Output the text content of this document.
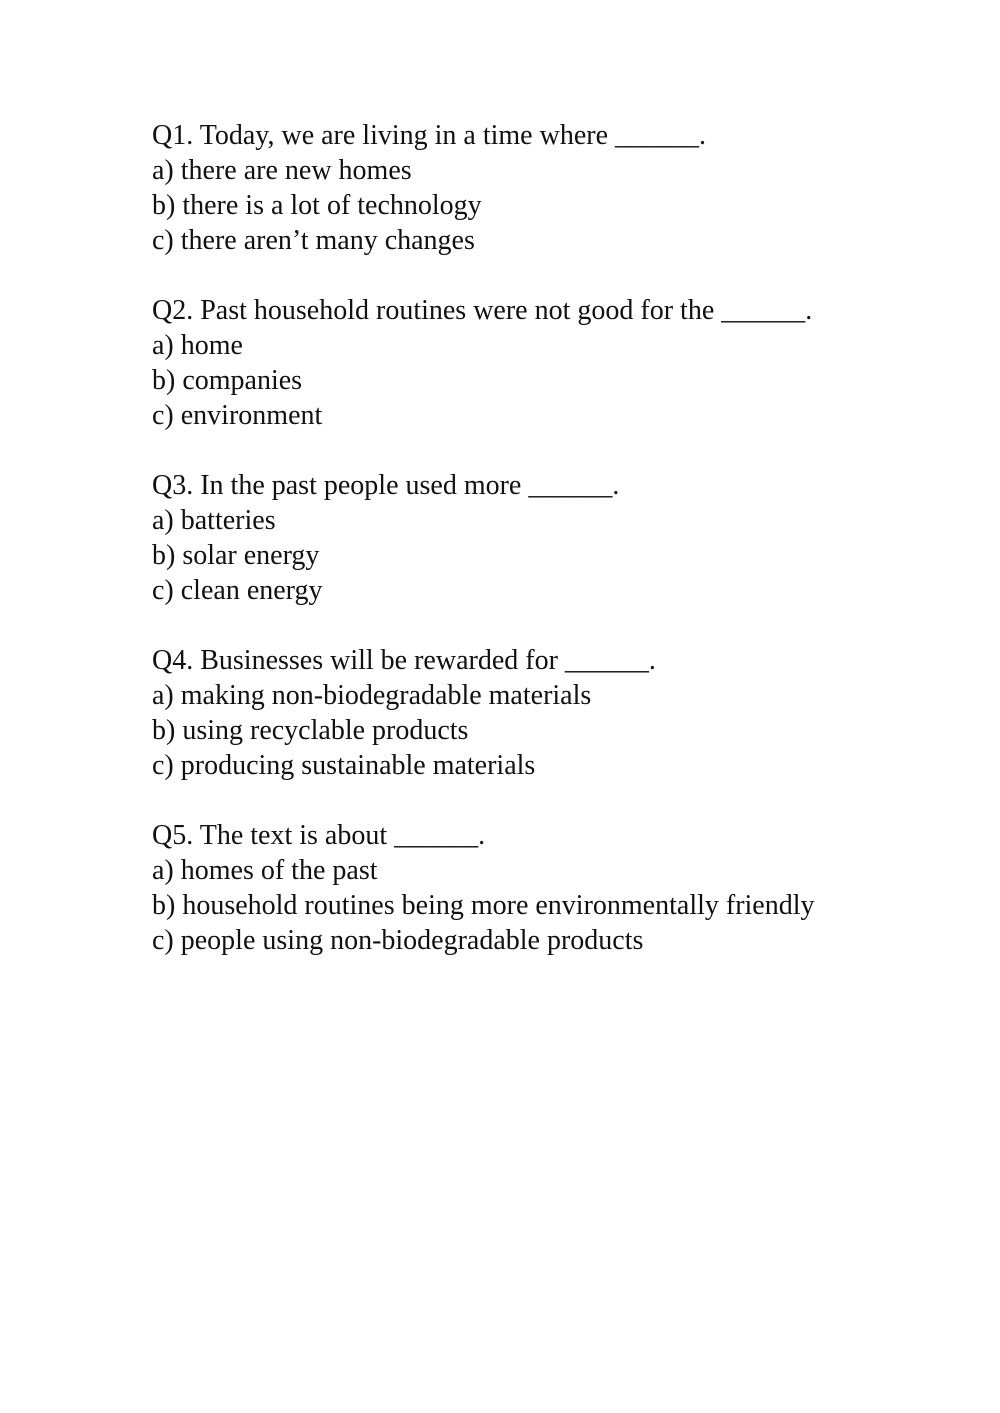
Q1. Today, we are living in a time where ______.
a) there are new homes
b) there is a lot of technology
c) there aren’t many changes
Q2. Past household routines were not good for the ______.
a) home
b) companies
c) environment
Q3. In the past people used more ______.
a) batteries
b) solar energy
c) clean energy
Q4. Businesses will be rewarded for ______.
a) making non-biodegradable materials
b) using recyclable products
c) producing sustainable materials
Q5. The text is about ______.
a) homes of the past
b) household routines being more environmentally friendly
c) people using non-biodegradable products
